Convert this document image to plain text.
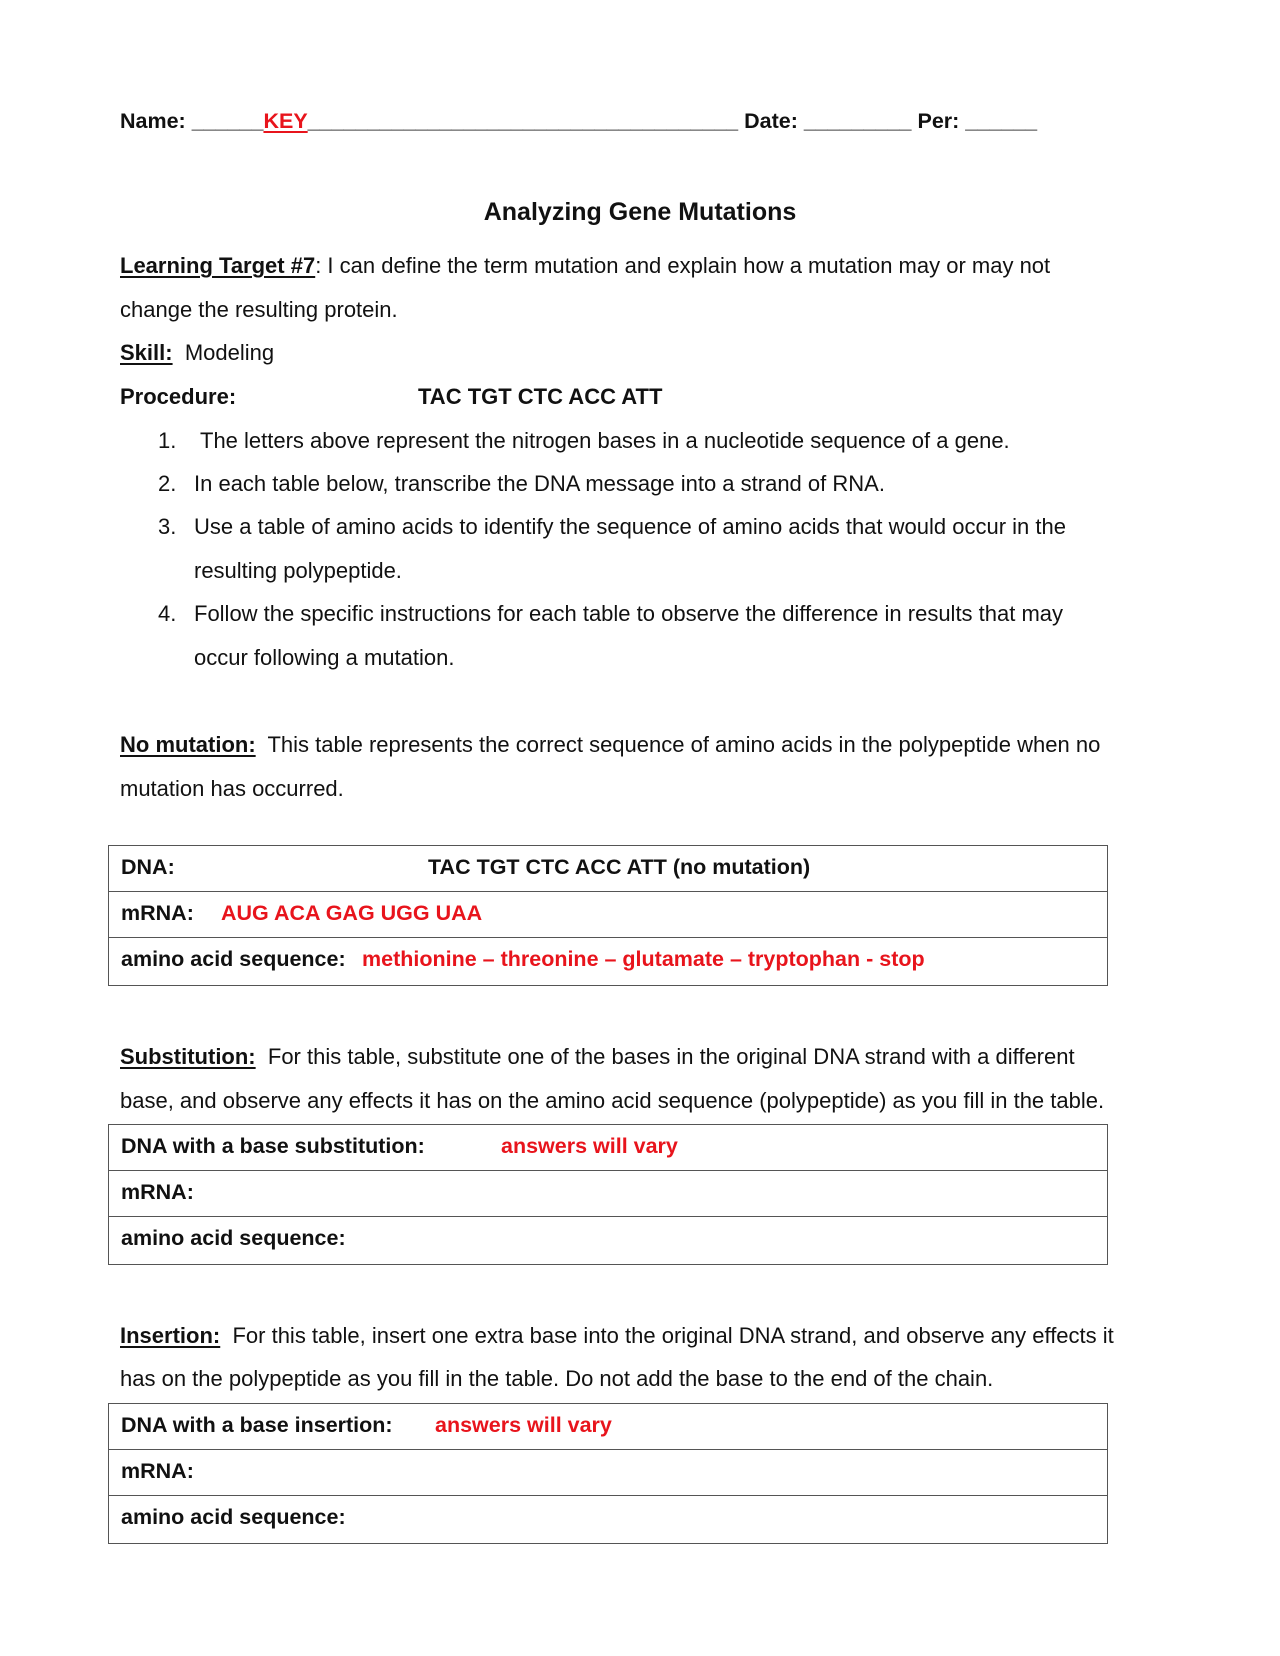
Name: ______KEY____________________________________ Date: _________ Per: ______
Analyzing Gene Mutations
Learning Target #7: I can define the term mutation and explain how a mutation may or may not
change the resulting protein.
Skill: Modeling
Procedure:	TAC TGT CTC ACC ATT
1. The letters above represent the nitrogen bases in a nucleotide sequence of a gene.
2. In each table below, transcribe the DNA message into a strand of RNA.
3. Use a table of amino acids to identify the sequence of amino acids that would occur in the
resulting polypeptide.
4. Follow the specific instructions for each table to observe the difference in results that may
occur following a mutation.
No mutation: This table represents the correct sequence of amino acids in the polypeptide when no
mutation has occurred.
DNA:	TAC TGT CTC ACC ATT (no mutation)
mRNA: AUG ACA GAG UGG UAA
amino acid sequence: methionine – threonine – glutamate – tryptophan - stop
Substitution: For this table, substitute one of the bases in the original DNA strand with a different
base, and observe any effects it has on the amino acid sequence (polypeptide) as you fill in the table.
DNA with a base substitution:	answers will vary
mRNA:
amino acid sequence:
Insertion: For this table, insert one extra base into the original DNA strand, and observe any effects it
has on the polypeptide as you fill in the table. Do not add the base to the end of the chain.
DNA with a base insertion: answers will vary
mRNA:
amino acid sequence:
